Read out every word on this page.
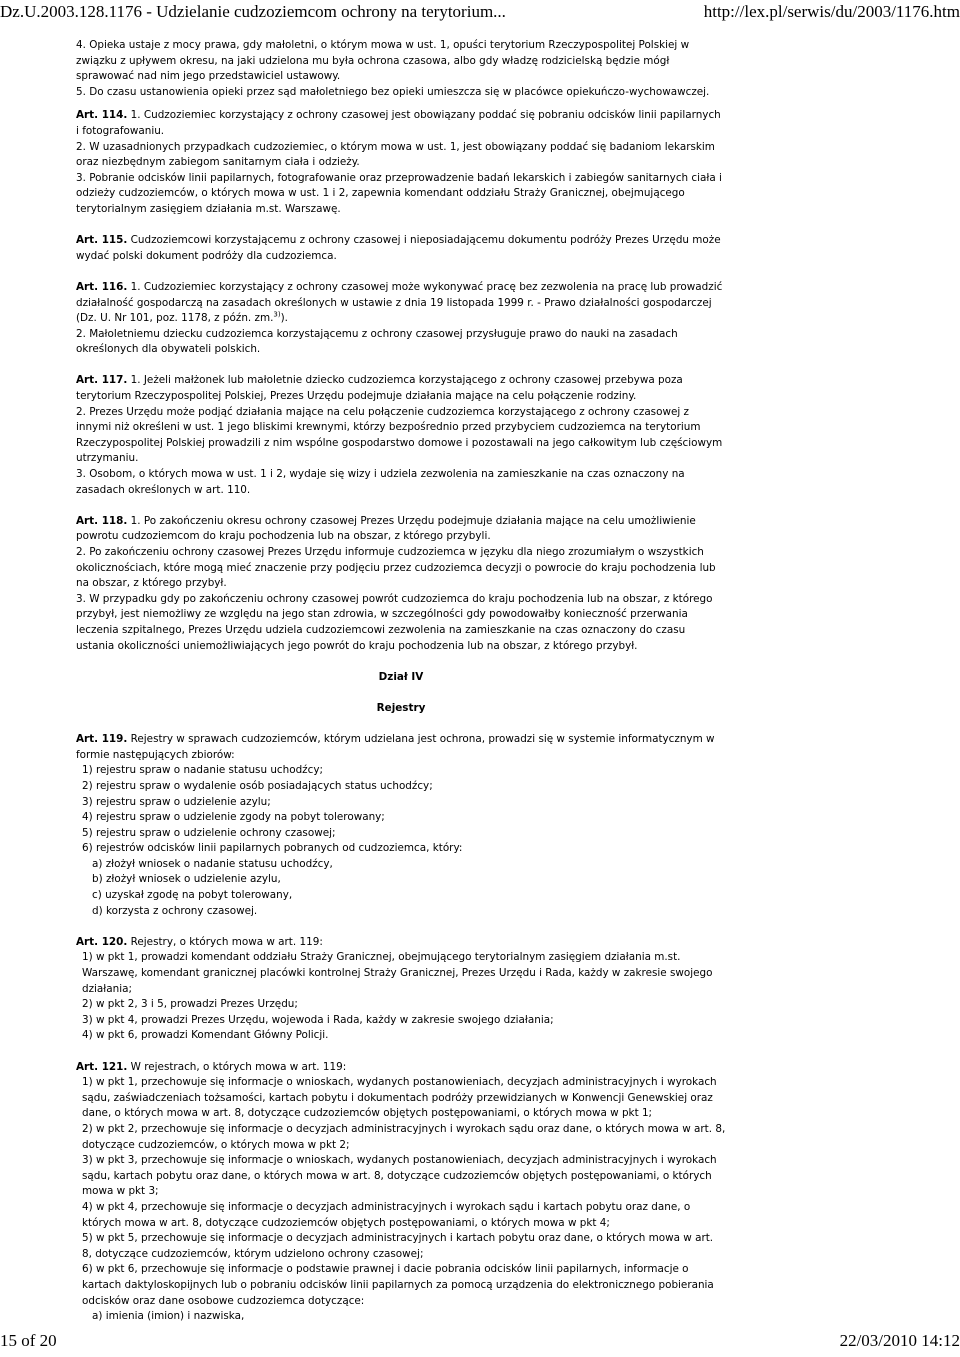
Dz.U.2003.128.1176 - Udzielanie cudzoziemcom ochrony na terytorium...	http://lex.pl/serwis/du/2003/1176.htm

4. Opieka ustaje z mocy prawa, gdy małoletni, o którym mowa w ust. 1, opuści terytorium Rzeczypospolitej Polskiej w związku z upływem okresu, na jaki udzielona mu była ochrona czasowa, albo gdy władzę rodzicielską będzie mógł sprawować nad nim jego przedstawiciel ustawowy.

5. Do czasu ustanowienia opieki przez sąd małoletniego bez opieki umieszcza się w placówce opiekuńczo-wychowawczej.

Art. 114. 1. Cudzoziemiec korzystający z ochrony czasowej jest obowiązany poddać się pobraniu odcisków linii papilarnych i fotografowaniu.

2. W uzasadnionych przypadkach cudzoziemiec, o którym mowa w ust. 1, jest obowiązany poddać się badaniom lekarskim oraz niezbędnym zabiegom sanitarnym ciała i odzieży.

3. Pobranie odcisków linii papilarnych, fotografowanie oraz przeprowadzenie badań lekarskich i zabiegów sanitarnych ciała i odzieży cudzoziemców, o których mowa w ust. 1 i 2, zapewnia komendant oddziału Straży Granicznej, obejmującego terytorialnym zasięgiem działania m.st. Warszawę.

Art. 115. Cudzoziemcowi korzystającemu z ochrony czasowej i nieposiadającemu dokumentu podróży Prezes Urzędu może wydać polski dokument podróży dla cudzoziemca.

Art. 116. 1. Cudzoziemiec korzystający z ochrony czasowej może wykonywać pracę bez zezwolenia na pracę lub prowadzić działalność gospodarczą na zasadach określonych w ustawie z dnia 19 listopada 1999 r. - Prawo działalności gospodarczej (Dz. U. Nr 101, poz. 1178, z późn. zm.$^{3)}$).

2. Małoletniemu dziecku cudzoziemca korzystającemu z ochrony czasowej przysługuje prawo do nauki na zasadach określonych dla obywateli polskich.

Art. 117. 1. Jeżeli małżonek lub małoletnie dziecko cudzoziemca korzystającego z ochrony czasowej przebywa poza terytorium Rzeczypospolitej Polskiej, Prezes Urzędu podejmuje działania mające na celu połączenie rodziny.

2. Prezes Urzędu może podjąć działania mające na celu połączenie cudzoziemca korzystającego z ochrony czasowej z innymi niż określeni w ust. 1 jego bliskimi krewnymi, którzy bezpośrednio przed przybyciem cudzoziemca na terytorium Rzeczypospolitej Polskiej prowadzili z nim wspólne gospodarstwo domowe i pozostawali na jego całkowitym lub częściowym utrzymaniu.

3. Osobom, o których mowa w ust. 1 i 2, wydaje się wizy i udziela zezwolenia na zamieszkanie na czas oznaczony na zasadach określonych w art. 110.

Art. 118. 1. Po zakończeniu okresu ochrony czasowej Prezes Urzędu podejmuje działania mające na celu umożliwienie powrotu cudzoziemcom do kraju pochodzenia lub na obszar, z którego przybyli.

2. Po zakończeniu ochrony czasowej Prezes Urzędu informuje cudzoziemca w języku dla niego zrozumiałym o wszystkich okolicznościach, które mogą mieć znaczenie przy podjęciu przez cudzoziemca decyzji o powrocie do kraju pochodzenia lub na obszar, z którego przybył.

3. W przypadku gdy po zakończeniu ochrony czasowej powrót cudzoziemca do kraju pochodzenia lub na obszar, z którego przybył, jest niemożliwy ze względu na jego stan zdrowia, w szczególności gdy powodowałby konieczność przerwania leczenia szpitalnego, Prezes Urzędu udziela cudzoziemcowi zezwolenia na zamieszkanie na czas oznaczony do czasu ustania okoliczności uniemożliwiających jego powrót do kraju pochodzenia lub na obszar, z którego przybył.

Dział IV

Rejestry

Art. 119. Rejestry w sprawach cudzoziemców, którym udzielana jest ochrona, prowadzi się w systemie informatycznym w formie następujących zbiorów:

1) rejestru spraw o nadanie statusu uchodźcy;

2) rejestru spraw o wydalenie osób posiadających status uchodźcy;

3) rejestru spraw o udzielenie azylu;

4) rejestru spraw o udzielenie zgody na pobyt tolerowany;

5) rejestru spraw o udzielenie ochrony czasowej;

6) rejestrów odcisków linii papilarnych pobranych od cudzoziemca, który:

a) złożył wniosek o nadanie statusu uchodźcy,

b) złożył wniosek o udzielenie azylu,

c) uzyskał zgodę na pobyt tolerowany,

d) korzysta z ochrony czasowej.

Art. 120. Rejestry, o których mowa w art. 119:

1) w pkt 1, prowadzi komendant oddziału Straży Granicznej, obejmującego terytorialnym zasięgiem działania m.st. Warszawę, komendant granicznej placówki kontrolnej Straży Granicznej, Prezes Urzędu i Rada, każdy w zakresie swojego działania;

2) w pkt 2, 3 i 5, prowadzi Prezes Urzędu;

3) w pkt 4, prowadzi Prezes Urzędu, wojewoda i Rada, każdy w zakresie swojego działania;

4) w pkt 6, prowadzi Komendant Główny Policji.

Art. 121. W rejestrach, o których mowa w art. 119:

1) w pkt 1, przechowuje się informacje o wnioskach, wydanych postanowieniach, decyzjach administracyjnych i wyrokach sądu, zaświadczeniach tożsamości, kartach pobytu i dokumentach podróży przewidzianych w Konwencji Genewskiej oraz dane, o których mowa w art. 8, dotyczące cudzoziemców objętych postępowaniami, o których mowa w pkt 1;

2) w pkt 2, przechowuje się informacje o decyzjach administracyjnych i wyrokach sądu oraz dane, o których mowa w art. 8, dotyczące cudzoziemców, o których mowa w pkt 2;

3) w pkt 3, przechowuje się informacje o wnioskach, wydanych postanowieniach, decyzjach administracyjnych i wyrokach sądu, kartach pobytu oraz dane, o których mowa w art. 8, dotyczące cudzoziemców objętych postępowaniami, o których mowa w pkt 3;

4) w pkt 4, przechowuje się informacje o decyzjach administracyjnych i wyrokach sądu i kartach pobytu oraz dane, o których mowa w art. 8, dotyczące cudzoziemców objętych postępowaniami, o których mowa w pkt 4;

5) w pkt 5, przechowuje się informacje o decyzjach administracyjnych i kartach pobytu oraz dane, o których mowa w art. 8, dotyczące cudzoziemców, którym udzielono ochrony czasowej;

6) w pkt 6, przechowuje się informacje o podstawie prawnej i dacie pobrania odcisków linii papilarnych, informacje o kartach daktyloskopijnych lub o pobraniu odcisków linii papilarnych za pomocą urządzenia do elektronicznego pobierania odcisków oraz dane osobowe cudzoziemca dotyczące:

a) imienia (imion) i nazwiska,

15 of 20	22/03/2010 14:12
